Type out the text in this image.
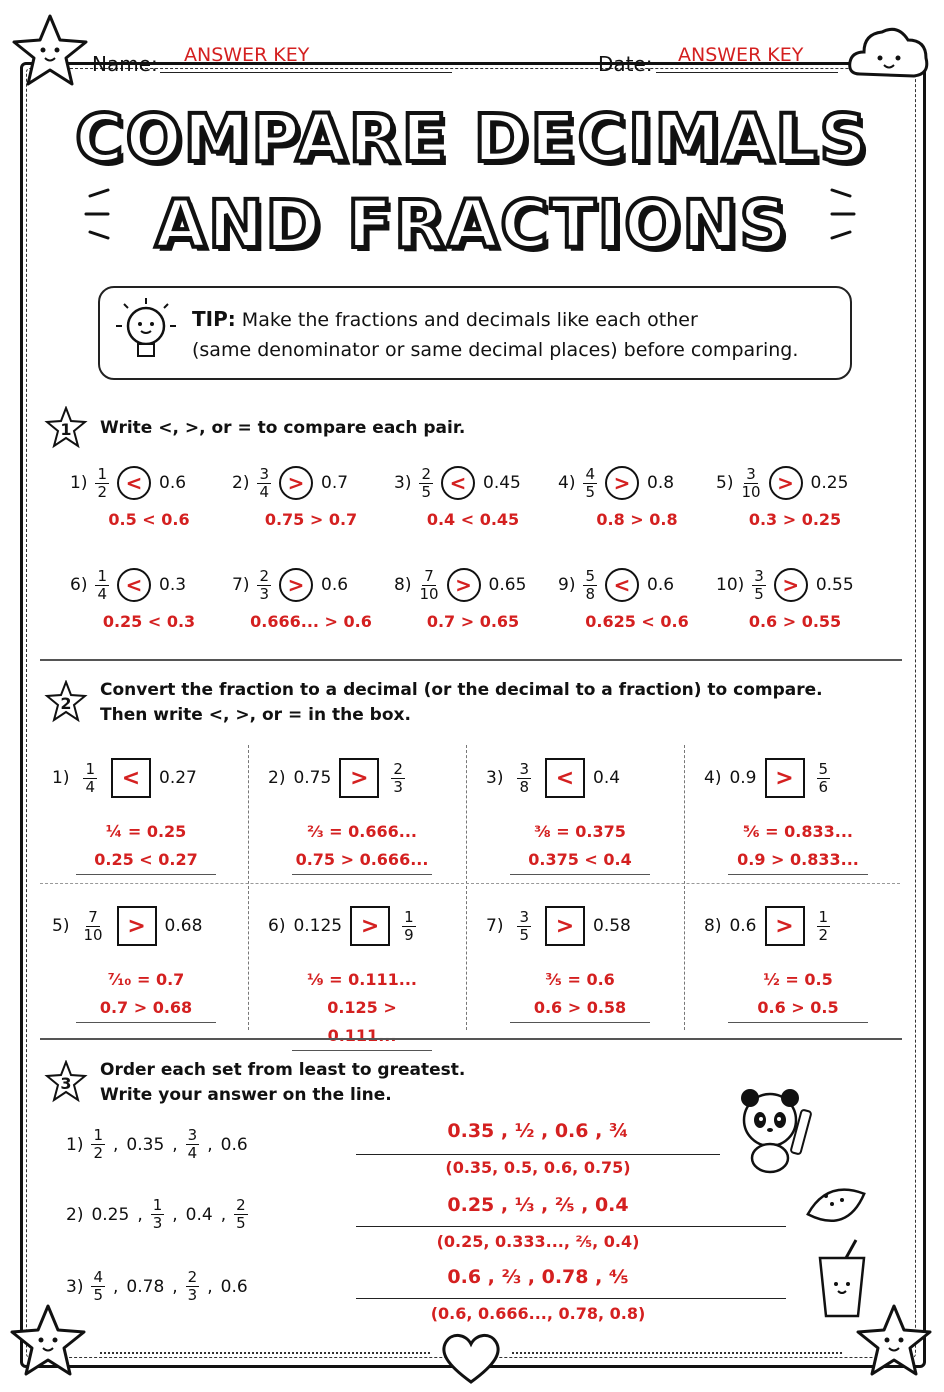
Name: ANSWER KEY	Date: ANSWER KEY
COMPARE DECIMALS
AND FRACTIONS
TIP: Make the fractions and decimals like each other
(same denominator or same decimal places) before comparing.
1 Write <, >, or = to compare each pair.
$1) \frac{1}{2} < 0.6$
0.5 < 0.6
$2) \frac{3}{4} > 0.7$
0.75 > 0.7
$3) \frac{2}{5} < 0.45$
0.4 < 0.45
$4) \frac{4}{5} > 0.8$
0.8 > 0.8
$5) \frac{3}{10} > 0.25$
0.3 > 0.25
$6) \frac{1}{4} < 0.3$
0.25 < 0.3
$7) \frac{2}{3} > 0.6$
0.666... > 0.6
$8) \frac{7}{10} > 0.65$
0.7 > 0.65
$9) \frac{5}{8} < 0.6$
0.625 < 0.6
$10) \frac{3}{5} > 0.55$
0.6 > 0.55
2
Convert the fraction to a decimal (or the decimal to a fraction) to compare.
Then write <, >, or = in the box.
$1) \frac{1}{4}$	<	0.27
¼ = 0.25
0.25 < 0.27
2) 0.75 >	$\frac{2}{3}$
⅔ = 0.666...
0.75 > 0.666...
$3) \frac{3}{8}$	<	0.4
⅜ = 0.375
0.375 < 0.4
4) 0.9 >	$\frac{5}{6}$
⅚ = 0.833...
0.9 > 0.833...
$5) \frac{7}{10}$	>	0.68
⁷⁄₁₀ = 0.7
0.7 > 0.68
6) 0.125 >	$\frac{1}{9}$
⅑ = 0.111...
0.125 > 0.111...
$7) \frac{3}{5}$	>	0.58
³⁄₅ = 0.6
0.6 > 0.58
8) 0.6 >	$\frac{1}{2}$
½ = 0.5
0.6 > 0.5
3
Order each set from least to greatest.
Write your answer on the line.
$1) \frac{1}{2}$ , 0.35 , $\frac{3}{4}$ , 0.6
0.35 , ½ , 0.6 , ¾
(0.35, 0.5, 0.6, 0.75)
2) 0.25 , $\frac{1}{3}$ , 0.4 , $\frac{2}{5}$	0.25 , ⅓ , ⅖ , 0.4
(0.25, 0.333..., ⅖, 0.4)
$3) \frac{4}{5}$ , 0.78 , $\frac{2}{3}$ , 0.6	0.6 , ⅔ , 0.78 , ⅘
(0.6, 0.666..., 0.78, 0.8)
